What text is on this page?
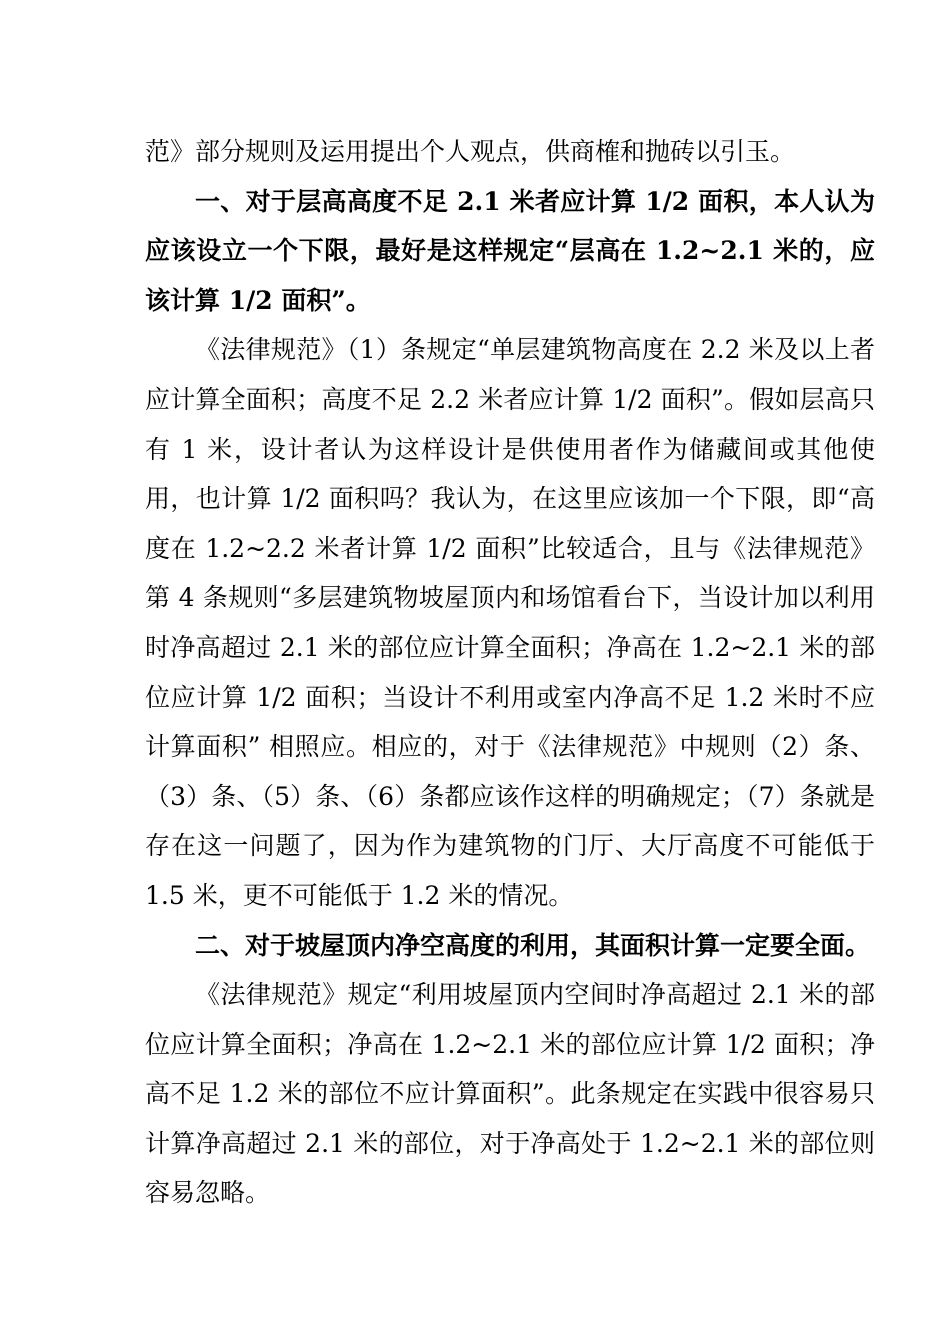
范》部分规则及运用提出个人观点，供商榷和抛砖以引玉。

一、对于层高高度不足 2.1 米者应计算 1/2 面积，本人认为应该设立一个下限，最好是这样规定“层高在 1.2~2.1 米的，应该计算 1/2 面积”。

《法律规范》（1）条规定“单层建筑物高度在 2.2 米及以上者应计算全面积；高度不足 2.2 米者应计算 1/2 面积”。假如层高只有 1 米，设计者认为这样设计是供使用者作为储藏间或其他使用，也计算 1/2 面积吗？我认为，在这里应该加一个下限，即“高度在 1.2~2.2 米者计算 1/2 面积”比较适合，且与《法律规范》第 4 条规则“多层建筑物坡屋顶内和场馆看台下，当设计加以利用时净高超过 2.1 米的部位应计算全面积；净高在 1.2~2.1 米的部位应计算 1/2 面积；当设计不利用或室内净高不足 1.2 米时不应计算面积” 相照应。相应的，对于《法律规范》中规则（2）条、（3）条、（5）条、（6）条都应该作这样的明确规定；（7）条就是存在这一问题了，因为作为建筑物的门厅、大厅高度不可能低于 1.5 米，更不可能低于 1.2 米的情况。

二、对于坡屋顶内净空高度的利用，其面积计算一定要全面。

《法律规范》规定“利用坡屋顶内空间时净高超过 2.1 米的部位应计算全面积；净高在 1.2~2.1 米的部位应计算 1/2 面积；净高不足 1.2 米的部位不应计算面积”。此条规定在实践中很容易只计算净高超过 2.1 米的部位，对于净高处于 1.2~2.1 米的部位则容易忽略。
